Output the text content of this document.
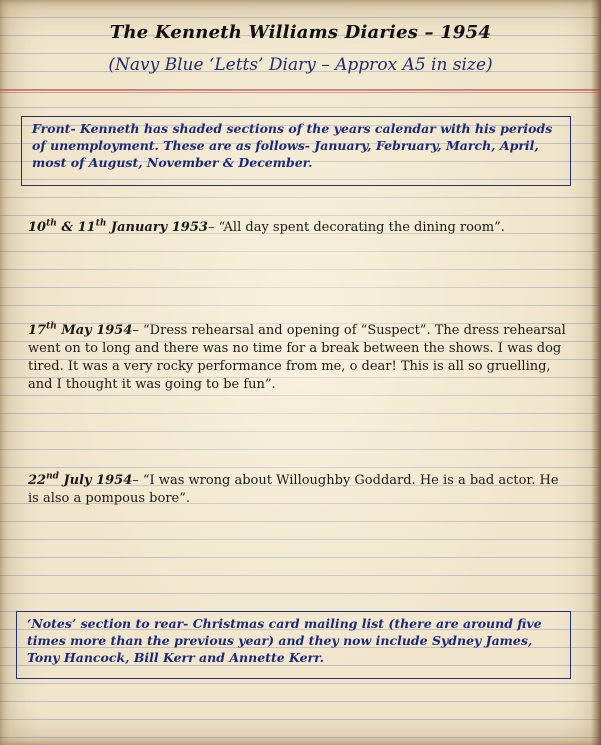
The Kenneth Williams Diaries – 1954
(Navy Blue ‘Letts’ Diary – Approx A5 in size)
Front- Kenneth has shaded sections of the years calendar with his periods of unemployment. These are as follows- January, February, March, April, most of August, November & December.
10th & 11th January 1953– “All day spent decorating the dining room”.
17th May 1954– “Dress rehearsal and opening of “Suspect”. The dress rehearsal went on to long and there was no time for a break between the shows. I was dog tired. It was a very rocky performance from me, o dear! This is all so gruelling, and I thought it was going to be fun”.
22nd July 1954– “I was wrong about Willoughby Goddard. He is a bad actor. He is also a pompous bore”.
‘Notes’ section to rear- Christmas card mailing list (there are around five times more than the previous year) and they now include Sydney James, Tony Hancock, Bill Kerr and Annette Kerr.
